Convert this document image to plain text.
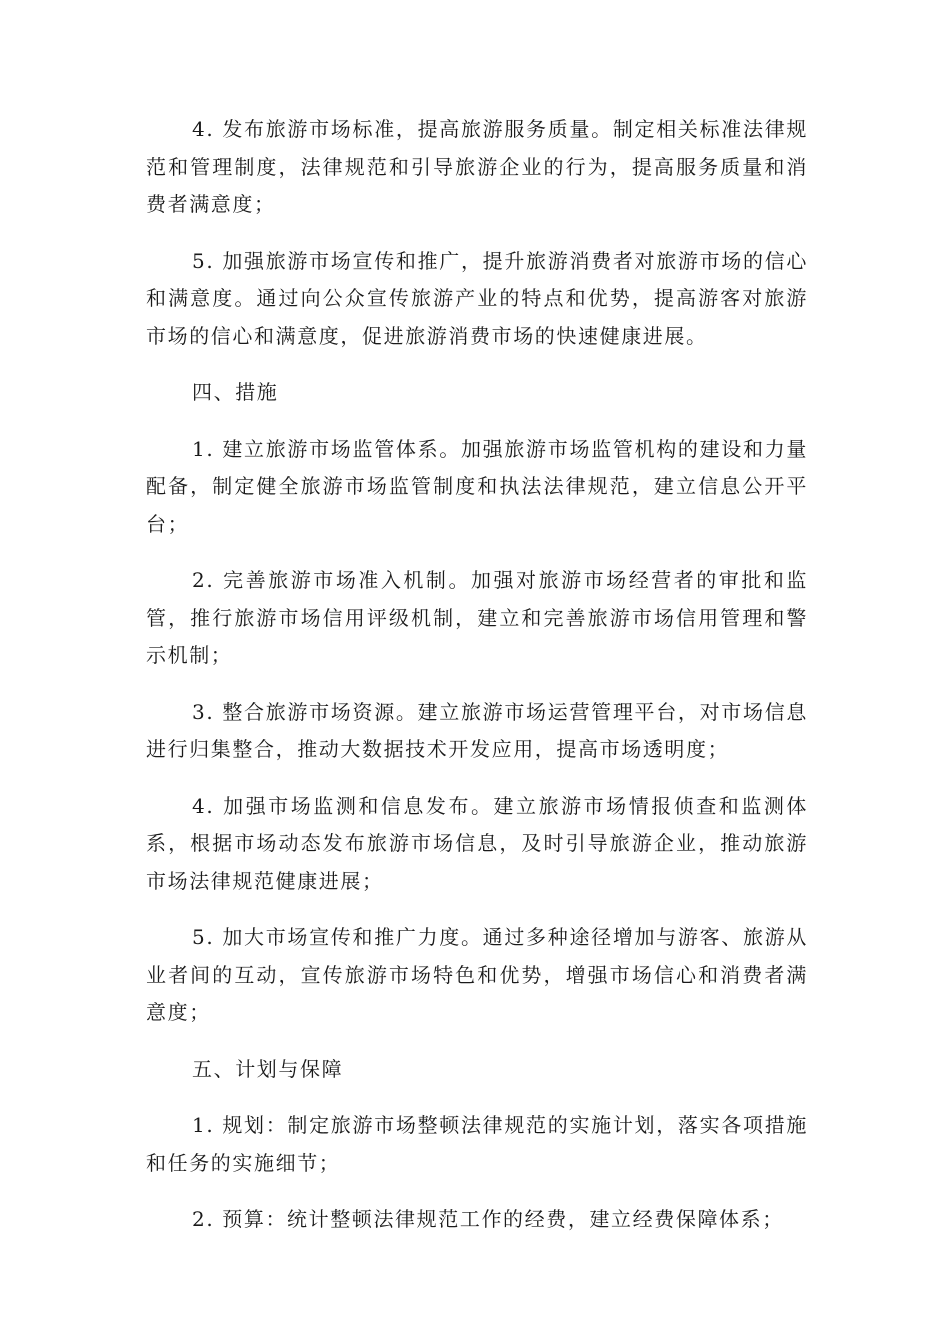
4. 发布旅游市场标准，提高旅游服务质量。制定相关标准法律规范和管理制度，法律规范和引导旅游企业的行为，提高服务质量和消费者满意度；

5. 加强旅游市场宣传和推广，提升旅游消费者对旅游市场的信心和满意度。通过向公众宣传旅游产业的特点和优势，提高游客对旅游市场的信心和满意度，促进旅游消费市场的快速健康进展。

四、措施

1. 建立旅游市场监管体系。加强旅游市场监管机构的建设和力量配备，制定健全旅游市场监管制度和执法法律规范，建立信息公开平台；

2. 完善旅游市场准入机制。加强对旅游市场经营者的审批和监管，推行旅游市场信用评级机制，建立和完善旅游市场信用管理和警示机制；

3. 整合旅游市场资源。建立旅游市场运营管理平台，对市场信息进行归集整合，推动大数据技术开发应用，提高市场透明度；

4. 加强市场监测和信息发布。建立旅游市场情报侦查和监测体系，根据市场动态发布旅游市场信息，及时引导旅游企业，推动旅游市场法律规范健康进展；

5. 加大市场宣传和推广力度。通过多种途径增加与游客、旅游从业者间的互动，宣传旅游市场特色和优势，增强市场信心和消费者满意度；

五、计划与保障

1. 规划：制定旅游市场整顿法律规范的实施计划，落实各项措施和任务的实施细节；

2. 预算：统计整顿法律规范工作的经费，建立经费保障体系；
